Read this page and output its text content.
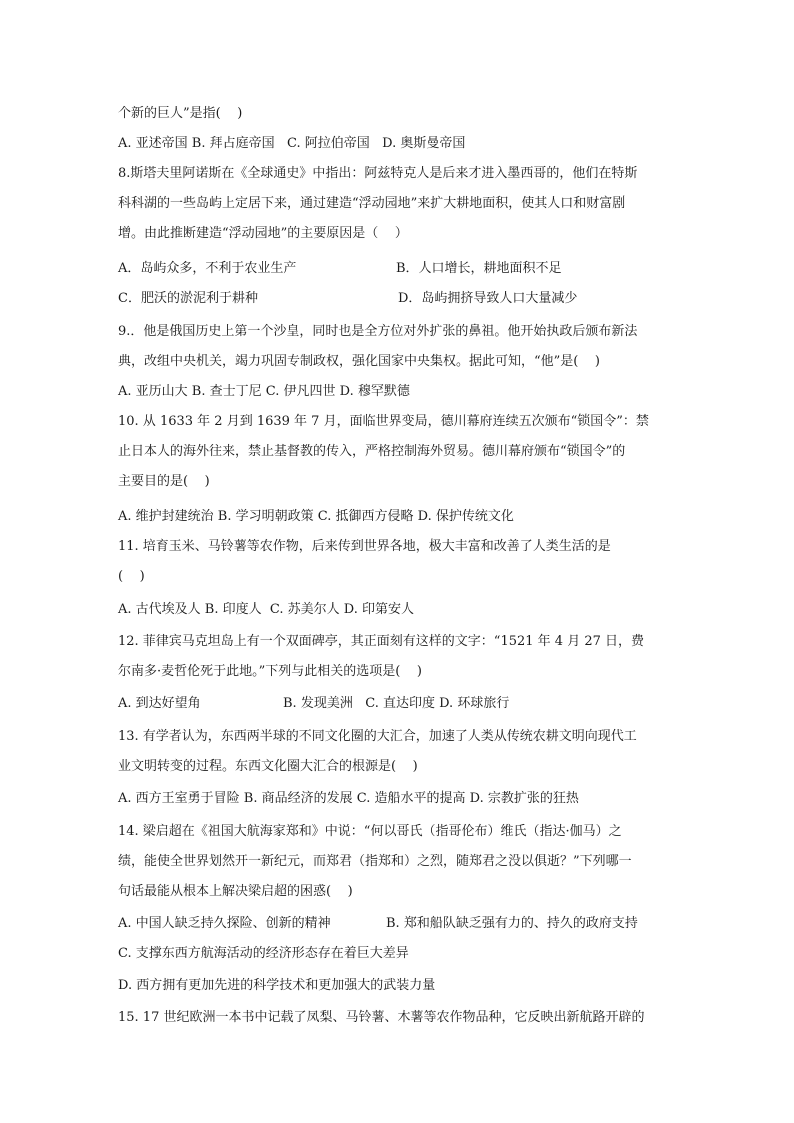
个新的巨人”是指(    )
A. 亚述帝国 B. 拜占庭帝国   C. 阿拉伯帝国   D. 奥斯曼帝国
8.斯塔夫里阿诺斯在《全球通史》中指出：阿兹特克人是后来才进入墨西哥的，他们在特斯
科科湖的一些岛屿上定居下来，通过建造“浮动园地”来扩大耕地面积，使其人口和财富剧
增。由此推断建造“浮动园地”的主要原因是（    ）

A．岛屿众多，不利于农业生产

	B．人口增长，耕地面积不足

C．肥沃的淤泥利于耕种

	D．岛屿拥挤导致人口大量减少

9.．他是俄国历史上第一个沙皇，同时也是全方位对外扩张的鼻祖。他开始执政后颁布新法
典，改组中央机关，竭力巩固专制政权，强化国家中央集权。据此可知，“他”是(    )
A. 亚历山大 B. 查士丁尼 C. 伊凡四世 D. 穆罕默德
10. 从 1633 年 2 月到 1639 年 7 月，面临世界变局，德川幕府连续五次颁布“锁国令”：禁
止日本人的海外往来，禁止基督教的传入，严格控制海外贸易。德川幕府颁布“锁国令”的
主要目的是(    )
A. 维护封建统治 B. 学习明朝政策 C. 抵御西方侵略 D. 保护传统文化
11. 培育玉米、马铃薯等农作物，后来传到世界各地，极大丰富和改善了人类生活的是
(    )
A. 古代埃及人 B. 印度人  C. 苏美尔人 D. 印第安人
12. 菲律宾马克坦岛上有一个双面碑亭，其正面刻有这样的文字：“1521 年 4 月 27 日，费
尔南多·麦哲伦死于此地。”下列与此相关的选项是(    )

A. 到达好望角

	B. 发现美洲   C. 直达印度 D. 环球旅行

13. 有学者认为，东西两半球的不同文化圈的大汇合，加速了人类从传统农耕文明向现代工
业文明转变的过程。东西文化圈大汇合的根源是(    )
A. 西方王室勇于冒险 B. 商品经济的发展 C. 造船水平的提高 D. 宗教扩张的狂热
14. 梁启超在《祖国大航海家郑和》中说：“何以哥氏（指哥伦布）维氏（指达·伽马）之
绩，能使全世界划然开一新纪元，而郑君（指郑和）之烈，随郑君之没以俱逝？”下列哪一
句话最能从根本上解决梁启超的困惑(    )

A. 中国人缺乏持久探险、创新的精神

	B. 郑和船队缺乏强有力的、持久的政府支持

C. 支撑东西方航海活动的经济形态存在着巨大差异
D. 西方拥有更加先进的科学技术和更加强大的武装力量
15. 17 世纪欧洲一本书中记载了凤梨、马铃薯、木薯等农作物品种，它反映出新航路开辟的
